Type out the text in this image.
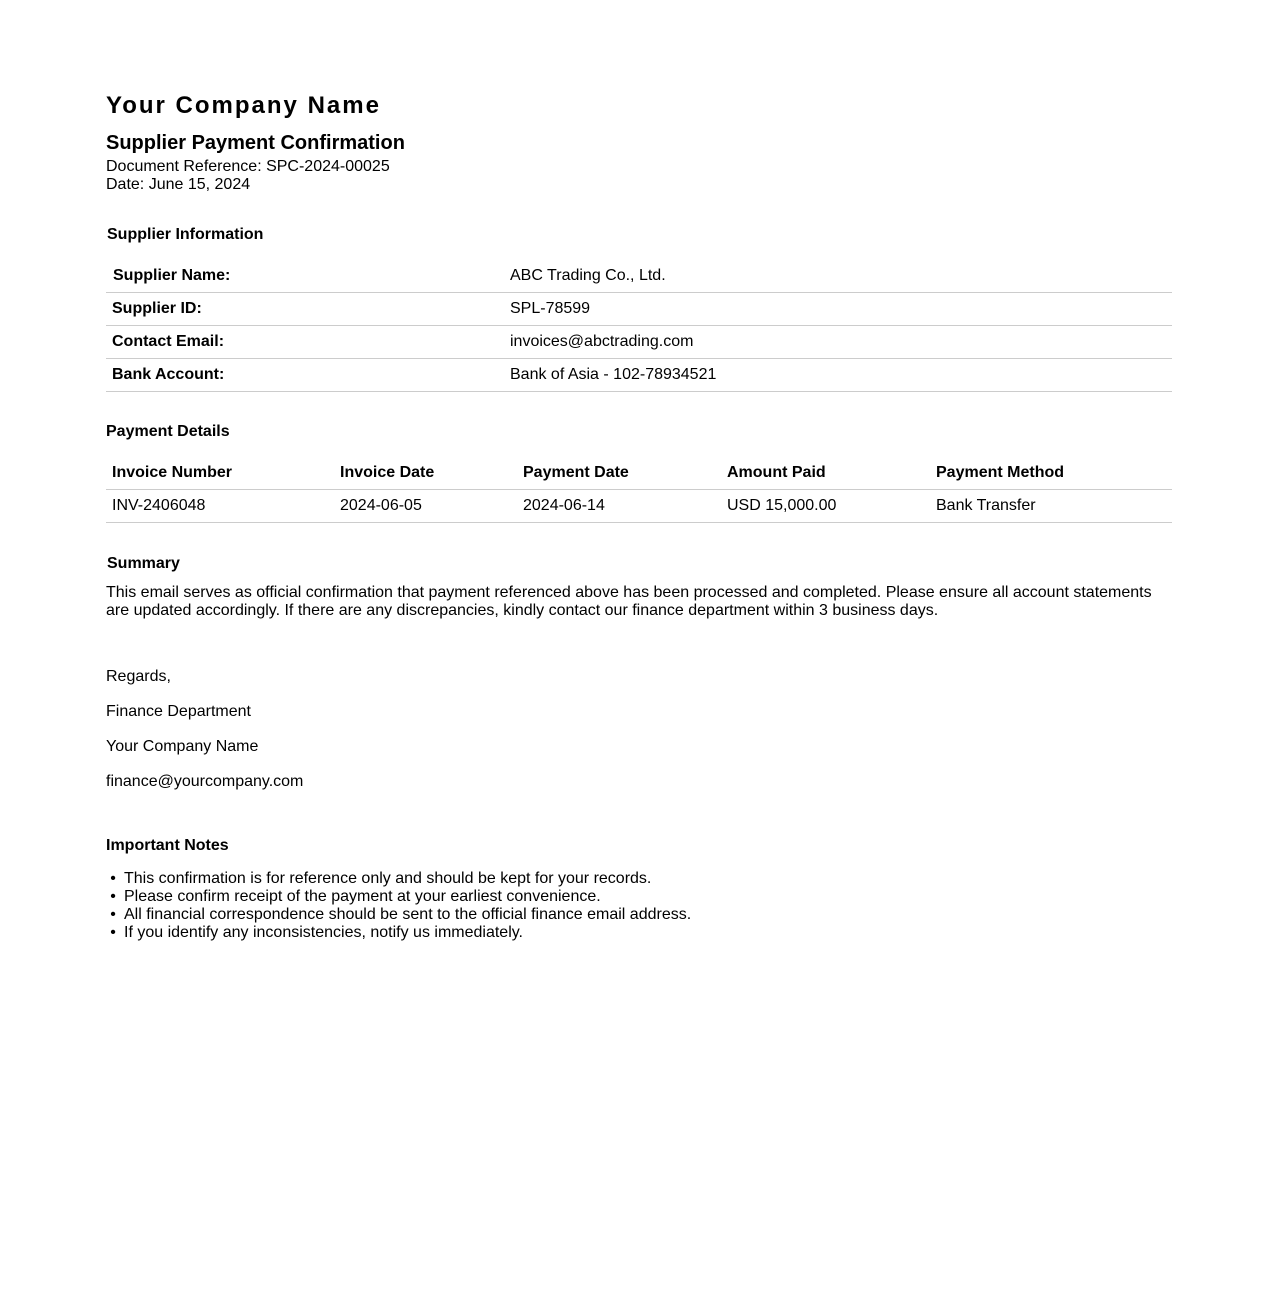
Your Company Name
Supplier Payment Confirmation

Document Reference: SPC-2024-00025

Date: June 15, 2024

Supplier Information
Supplier Name:	ABC Trading Co., Ltd.
Supplier ID:	SPL-78599
Contact Email:	invoices@abctrading.com
Bank Account:	Bank of Asia - 102-78934521
Payment Details
Invoice Number	Invoice Date	Payment Date	Amount Paid	Payment Method
INV-2406048	2024-06-05	2024-06-14	USD 15,000.00	Bank Transfer
Summary

This email serves as official confirmation that payment referenced above has been processed and completed. Please ensure all account statements are updated accordingly. If there are any discrepancies, kindly contact our finance department within 3 business days.

Regards,

Finance Department

Your Company Name

finance@yourcompany.com

Important Notes
• This confirmation is for reference only and should be kept for your records.
• Please confirm receipt of the payment at your earliest convenience.
• All financial correspondence should be sent to the official finance email address.
• If you identify any inconsistencies, notify us immediately.
